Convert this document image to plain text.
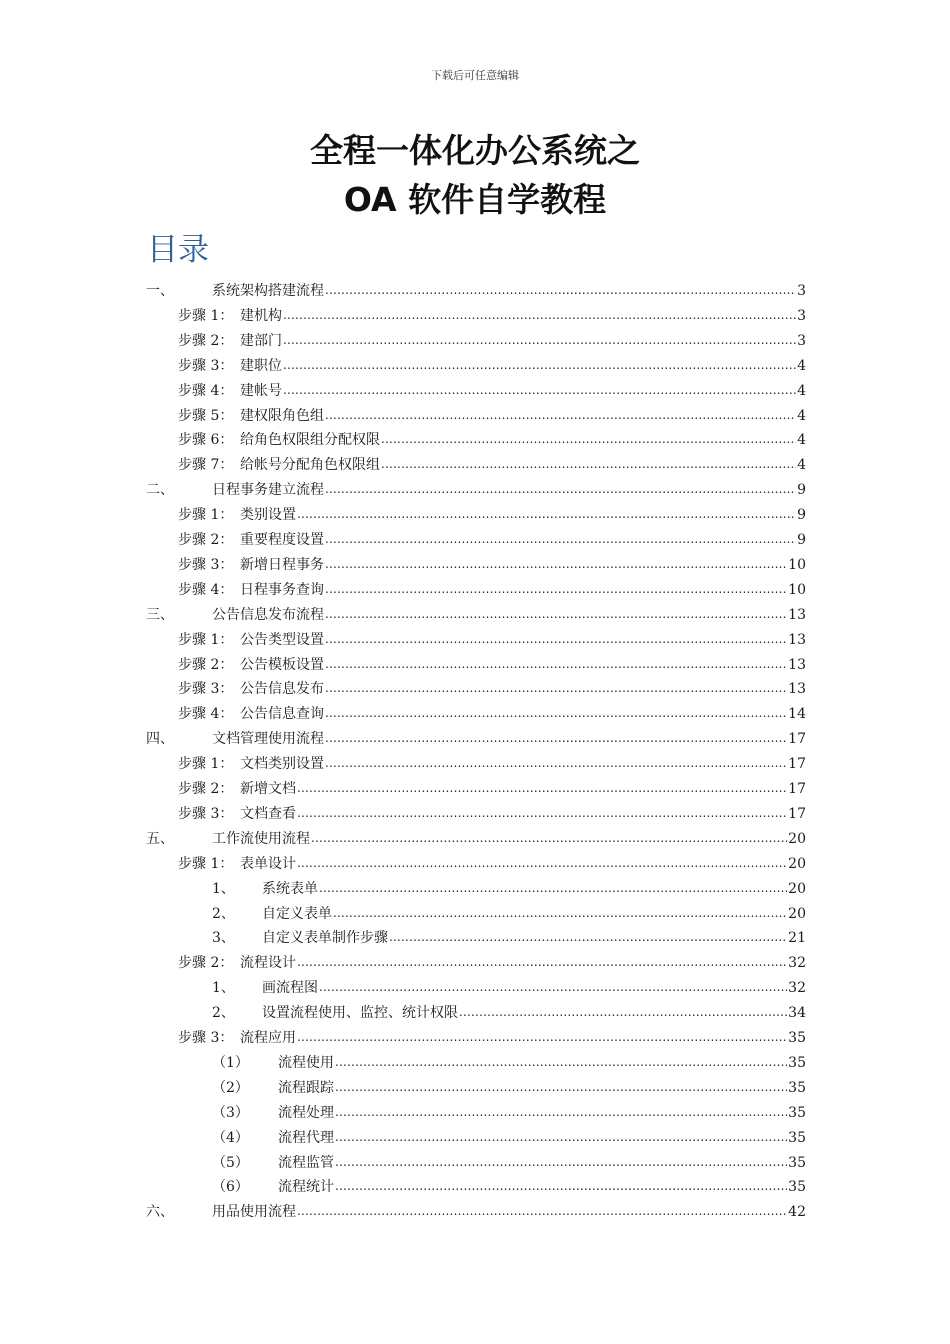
下载后可任意编辑
全程一体化办公系统之
OA 软件自学教程
目录
一、	系统架构搭建流程 .....	3
步骤 1： 建机构 .....	3
步骤 2： 建部门 .....	3
步骤 3： 建职位 .....	4
步骤 4： 建帐号 .....	4
步骤 5： 建权限角色组 .....	4
步骤 6： 给角色权限组分配权限 .....	4
步骤 7： 给帐号分配角色权限组 .....	4
二、	日程事务建立流程 .....	9
步骤 1： 类别设置 .....	9
步骤 2： 重要程度设置 .....	9
步骤 3： 新增日程事务 .....	10
步骤 4： 日程事务查询 .....	10
三、	公告信息发布流程 .....	13
步骤 1： 公告类型设置 .....	13
步骤 2： 公告模板设置 .....	13
步骤 3： 公告信息发布 .....	13
步骤 4： 公告信息查询 .....	14
四、	文档管理使用流程 .....	17
步骤 1： 文档类别设置 .....	17
步骤 2： 新增文档 .....	17
步骤 3： 文档查看 .....	17
五、	工作流使用流程 .....	20
步骤 1： 表单设计 .....	20
1、	系统表单 .....	20
2、	自定义表单 .....	20
3、	自定义表单制作步骤 .....	21
步骤 2： 流程设计 .....	32
1、	画流程图 .....	32
2、	设置流程使用、监控、统计权限 .....	34
步骤 3： 流程应用 .....	35
（1）	流程使用 .....	35
（2）	流程跟踪 .....	35
（3）	流程处理 .....	35
（4）	流程代理 .....	35
（5）	流程监管 .....	35
（6）	流程统计 .....	35
六、	用品使用流程 .....	42
